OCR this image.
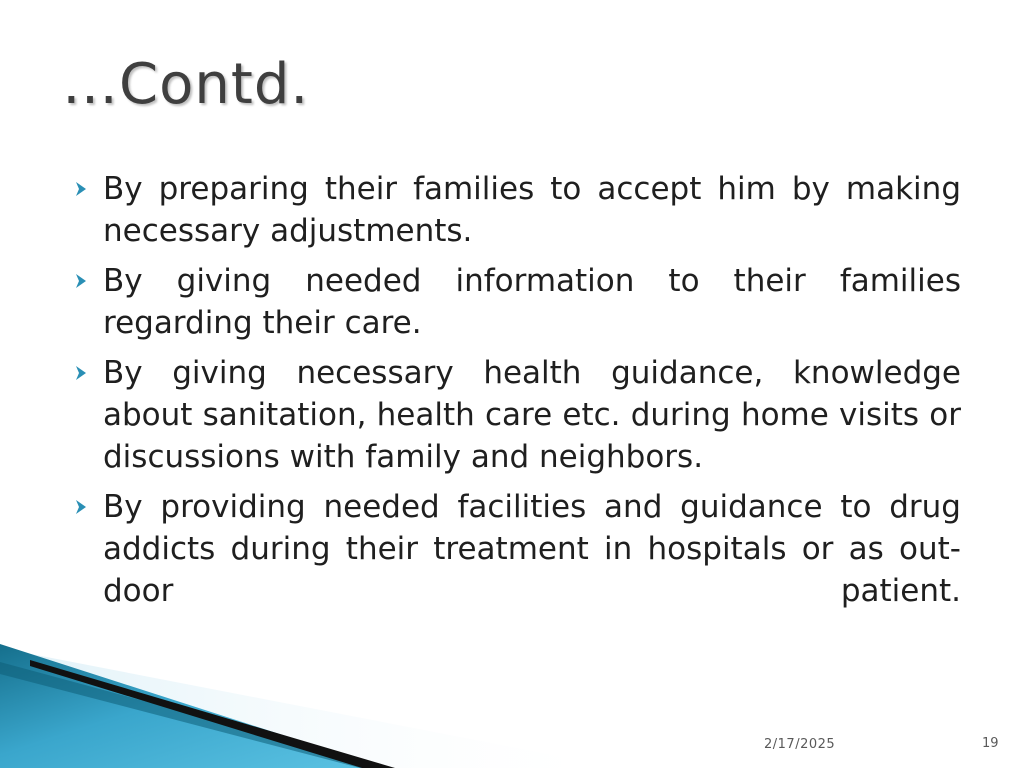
…Contd.
By preparing their families to accept him by making necessary adjustments.
By giving needed information to their families regarding their care.
By giving necessary health guidance, knowledge about sanitation, health care etc. during home visits or discussions with family and neighbors.
By providing needed facilities and guidance to drug addicts during their treatment in hospitals or as out-door patient.
2/17/2025	19
